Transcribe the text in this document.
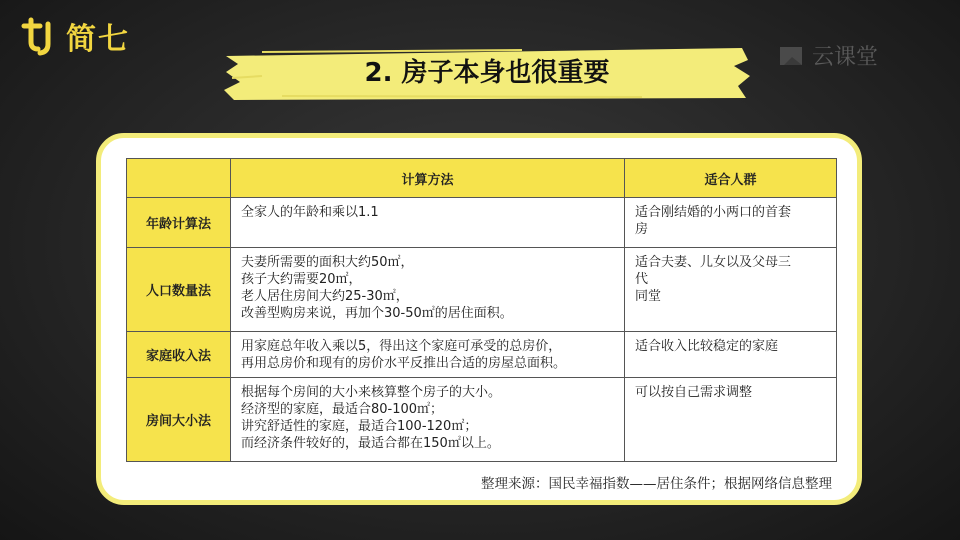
简七
2. 房子本身也很重要
云课堂
	计算方法	适合人群
年龄计算法	全家人的年龄和乘以1.1	适合刚结婚的小两口的首套
房

人口数量法	夫妻所需要的面积大约50㎡，
孩子大约需要20㎡，
老人居住房间大约25-30㎡，
改善型购房来说，再加个30-50㎡的居住面积。	适合夫妻、儿女以及父母三
代
同堂

家庭收入法	用家庭总年收入乘以5，得出这个家庭可承受的总房价，
再用总房价和现有的房价水平反推出合适的房屋总面积。	适合收入比较稳定的家庭

房间大小法	根据每个房间的大小来核算整个房子的大小。
经济型的家庭，最适合80-100㎡；
讲究舒适性的家庭，最适合100-120㎡；
而经济条件较好的，最适合都在150㎡以上。	可以按自己需求调整
整理来源：国民幸福指数——居住条件；根据网络信息整理
